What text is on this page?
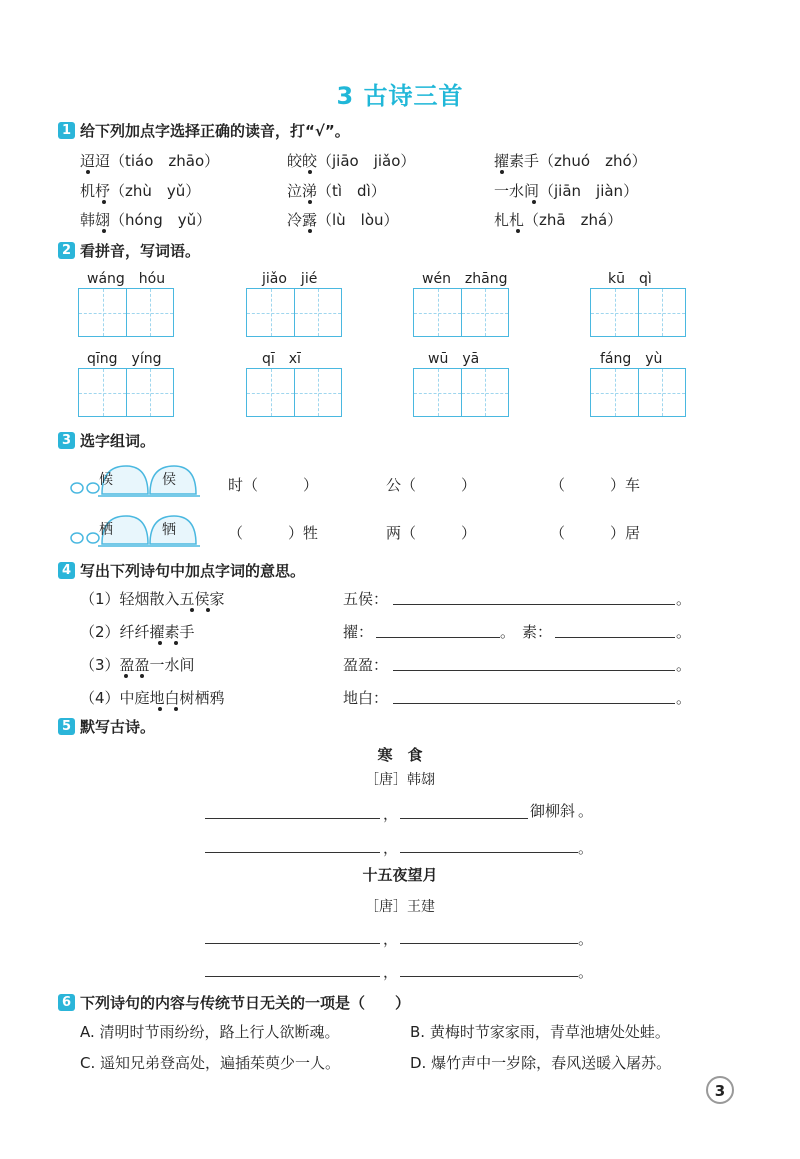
3 古诗三首
1 给下列加点字选择正确的读音，打“√”。
迢迢（tiáo　zhāo）	皎皎（jiāo　jiǎo）	擢素手（zhuó　zhó）
机杼（zhù　yǔ）	泣涕（tì　dì）	一水间（jiān　jiàn）
韩翃（hóng　yǔ）	冷露（lù　lòu）	札札（zhā　zhá）
2 看拼音，写词语。
wáng　hóu	jiǎo　jié	wén　zhāng	kū　qì
qīng　yíng	qī　xī	wū　yā	fáng　yù
3 选字组词。
候	侯	时（　　　）	公（　　　）	（　　　）车
栖	牺	（　　　）牲	两（　　　）	（　　　）居
4 写出下列诗句中加点字词的意思。
（1）轻烟散入五侯家	五侯：	。
（2）纤纤擢素手	擢：	。 素：	。
（3）盈盈一水间	盈盈：	。
（4）中庭地白树栖鸦	地白：	。
5 默写古诗。
寒　食
［唐］韩翃
，	御柳斜 。
，	。
十五夜望月
［唐］王建
，	。
，	。
6 下列诗句的内容与传统节日无关的一项是（　　）
A. 清明时节雨纷纷，路上行人欲断魂。	B. 黄梅时节家家雨，青草池塘处处蛙。
C. 遥知兄弟登高处，遍插茱萸少一人。	D. 爆竹声中一岁除，春风送暖入屠苏。
3
